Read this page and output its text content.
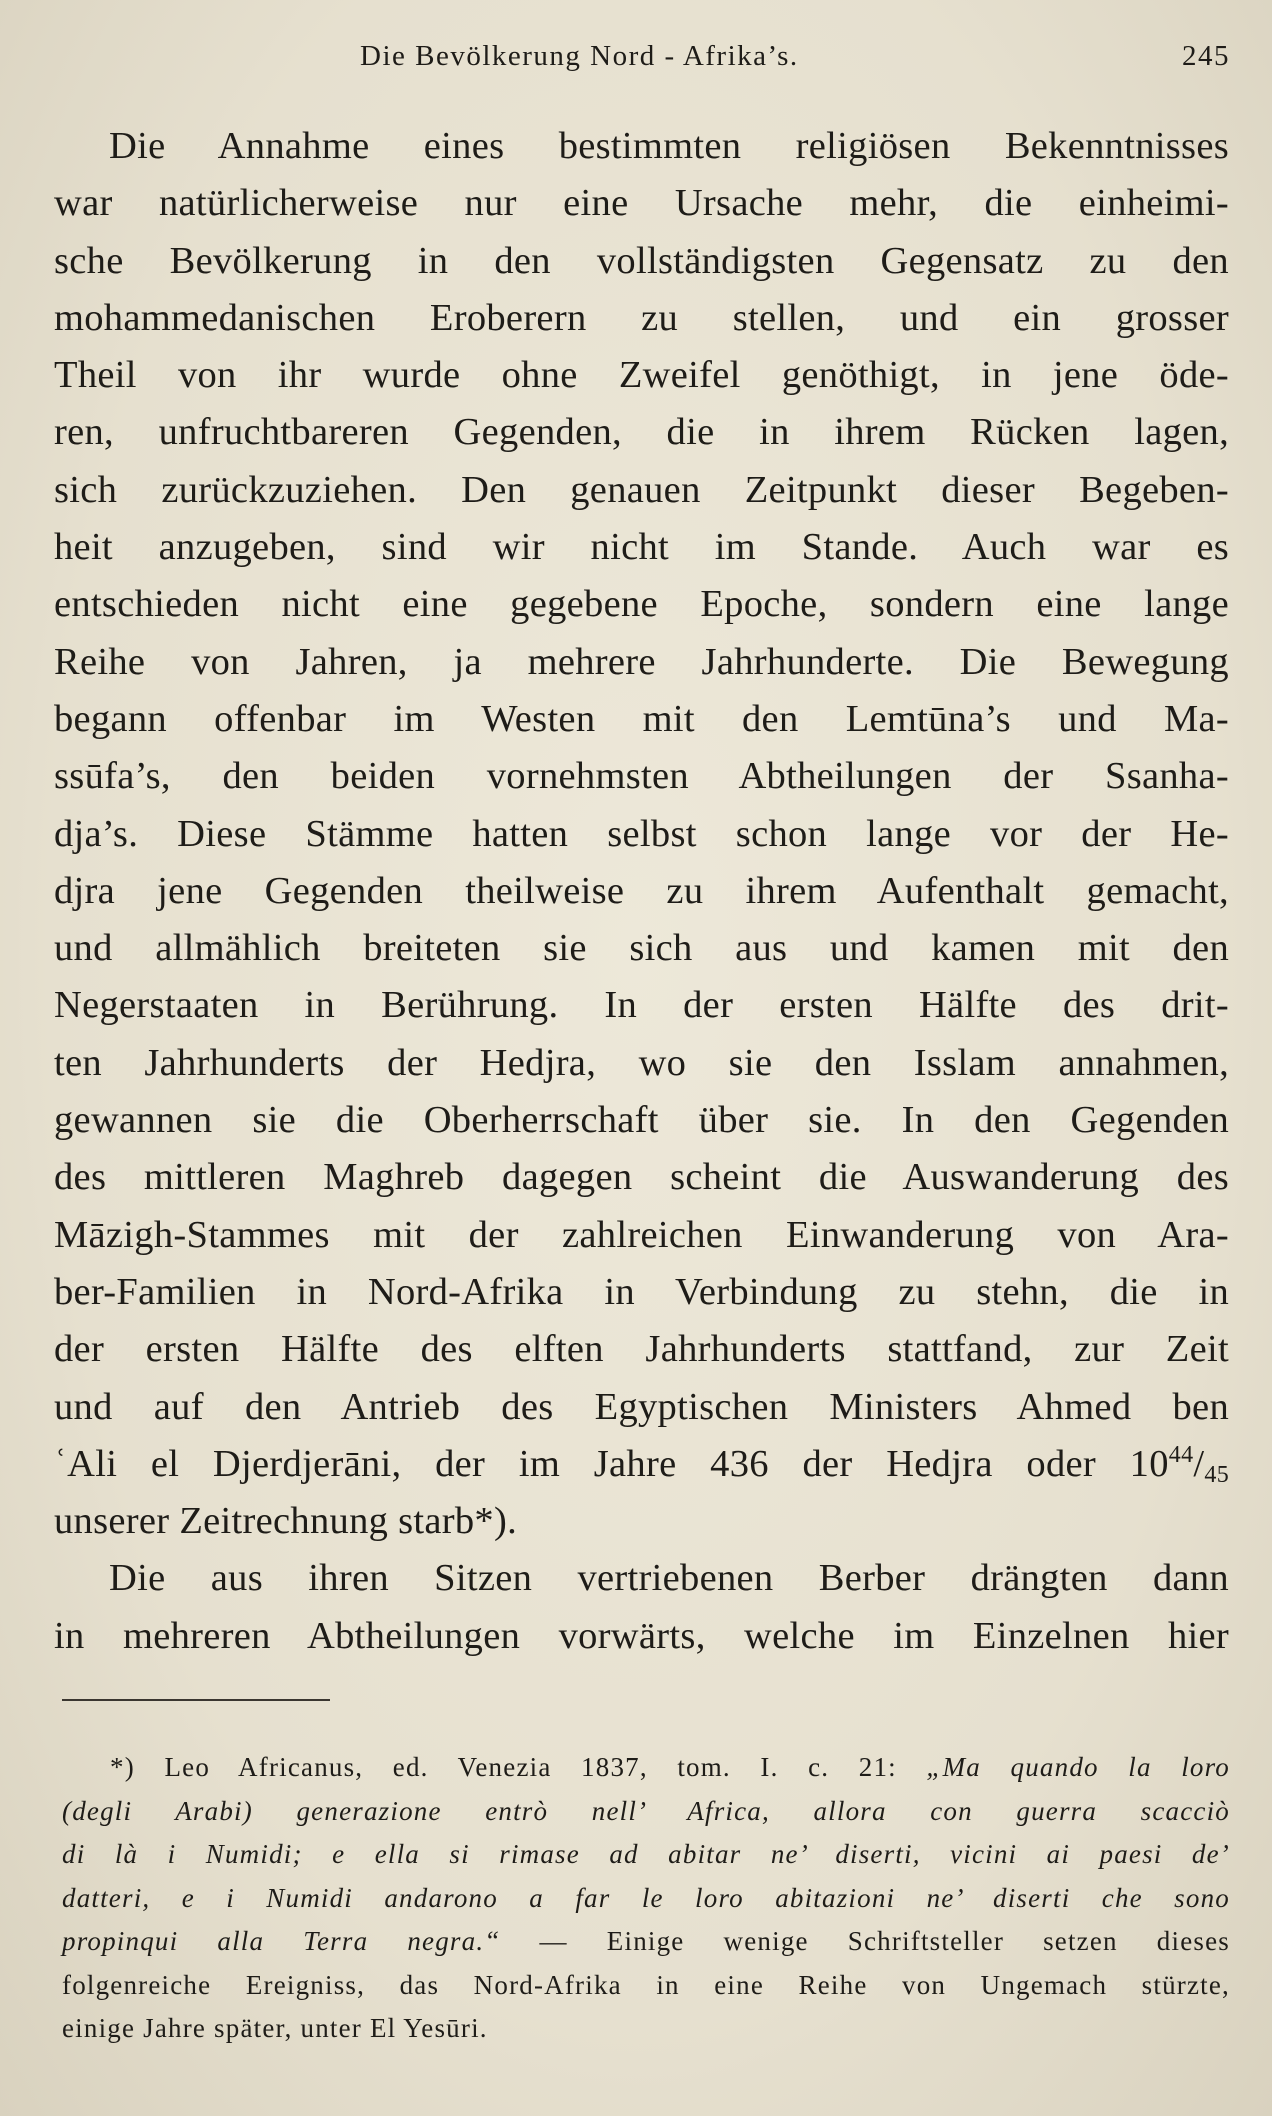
Die Bevölkerung Nord - Afrika’s.	245
Die Annahme eines bestimmten religiösen Bekenntnisses
war natürlicherweise nur eine Ursache mehr, die einheimi-
sche Bevölkerung in den vollständigsten Gegensatz zu den
mohammedanischen Eroberern zu stellen, und ein grosser
Theil von ihr wurde ohne Zweifel genöthigt, in jene öde-
ren, unfruchtbareren Gegenden, die in ihrem Rücken lagen,
sich zurückzuziehen. Den genauen Zeitpunkt dieser Begeben-
heit anzugeben, sind wir nicht im Stande. Auch war es
entschieden nicht eine gegebene Epoche, sondern eine lange
Reihe von Jahren, ja mehrere Jahrhunderte. Die Bewegung
begann offenbar im Westen mit den Lemtūna’s und Ma-
ssūfa’s, den beiden vornehmsten Abtheilungen der Ssanha-
dja’s. Diese Stämme hatten selbst schon lange vor der He-
djra jene Gegenden theilweise zu ihrem Aufenthalt gemacht,
und allmählich breiteten sie sich aus und kamen mit den
Negerstaaten in Berührung. In der ersten Hälfte des drit-
ten Jahrhunderts der Hedjra, wo sie den Isslam annahmen,
gewannen sie die Oberherrschaft über sie. In den Gegenden
des mittleren Maghreb dagegen scheint die Auswanderung des
Māzigh-Stammes mit der zahlreichen Einwanderung von Ara-
ber-Familien in Nord-Afrika in Verbindung zu stehn, die in
der ersten Hälfte des elften Jahrhunderts stattfand, zur Zeit
und auf den Antrieb des Egyptischen Ministers Ahmed ben
ʿAli el Djerdjerāni, der im Jahre 436 der Hedjra oder $10^{44}/45$
unserer Zeitrechnung starb*).
Die aus ihren Sitzen vertriebenen Berber drängten dann
in mehreren Abtheilungen vorwärts, welche im Einzelnen hier
*) Leo Africanus, ed. Venezia 1837, tom. I. c. 21: „Ma quando la loro
(degli Arabi) generazione entrò nell’ Africa, allora con guerra scacciò
di là i Numidi; e ella si rimase ad abitar ne’ diserti, vicini ai paesi de’
datteri, e i Numidi andarono a far le loro abitazioni ne’ diserti che sono
propinqui alla Terra negra.“ — Einige wenige Schriftsteller setzen dieses
folgenreiche Ereigniss, das Nord-Afrika in eine Reihe von Ungemach stürzte,
einige Jahre später, unter El Yesūri.
